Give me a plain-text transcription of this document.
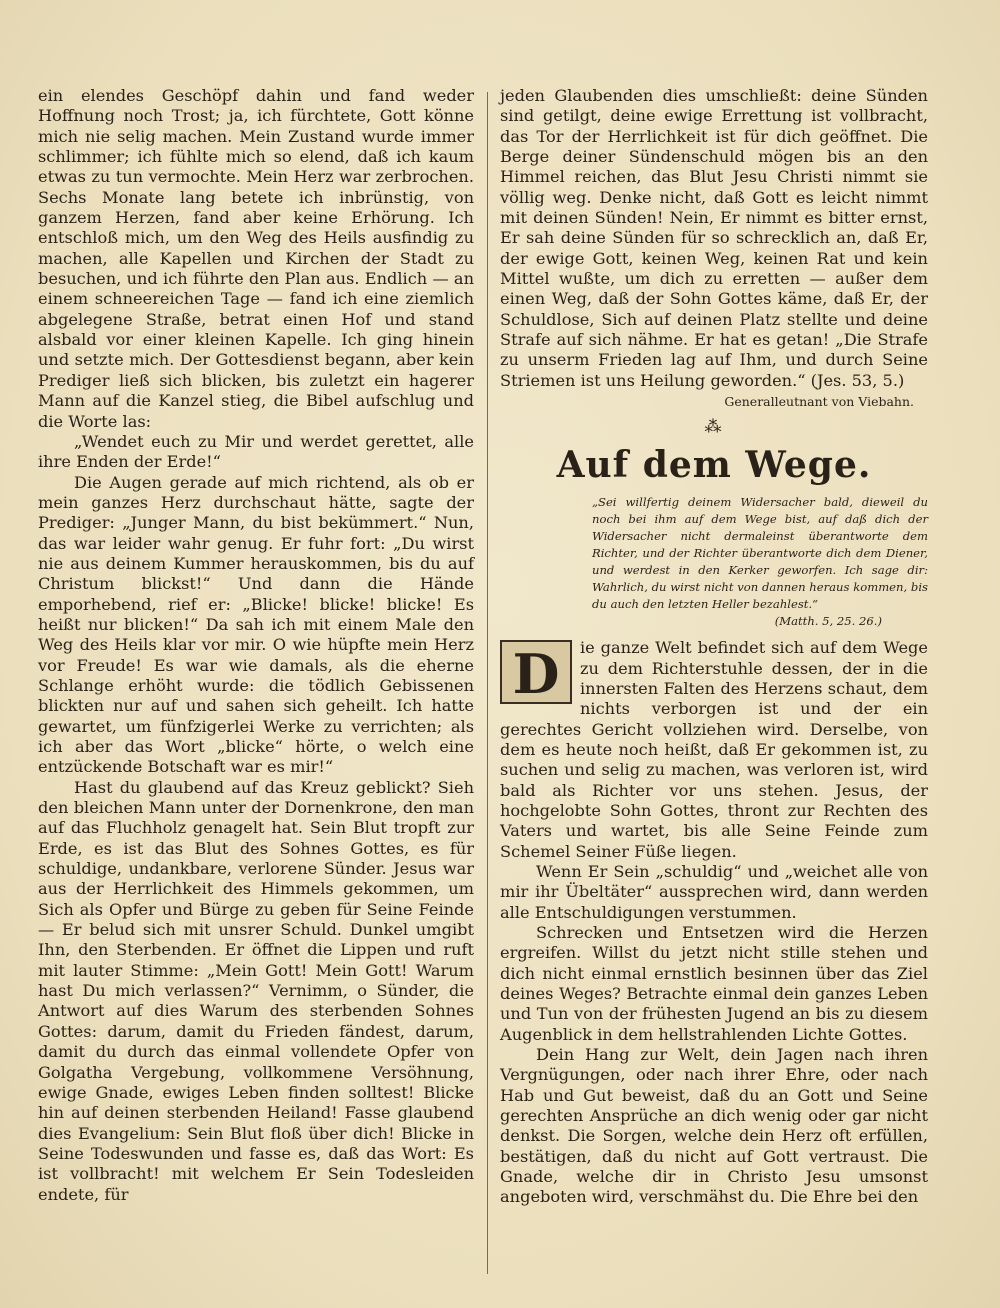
ein elendes Geschöpf dahin und fand weder Hoffnung noch Trost; ja, ich fürchtete, Gott könne mich nie selig machen. Mein Zustand wurde immer schlimmer; ich fühlte mich so elend, daß ich kaum etwas zu tun vermochte. Mein Herz war zerbrochen. Sechs Monate lang betete ich inbrünstig, von ganzem Herzen, fand aber keine Erhörung. Ich entschloß mich, um den Weg des Heils ausfindig zu machen, alle Kapellen und Kirchen der Stadt zu besuchen, und ich führte den Plan aus. Endlich — an einem schneereichen Tage — fand ich eine ziemlich abgelegene Straße, betrat einen Hof und stand alsbald vor einer kleinen Kapelle. Ich ging hinein und setzte mich. Der Gottesdienst begann, aber kein Prediger ließ sich blicken, bis zuletzt ein hagerer Mann auf die Kanzel stieg, die Bibel aufschlug und die Worte las:

„Wendet euch zu Mir und werdet gerettet, alle ihre Enden der Erde!“

Die Augen gerade auf mich richtend, als ob er mein ganzes Herz durchschaut hätte, sagte der Prediger: „Junger Mann, du bist bekümmert.“ Nun, das war leider wahr genug. Er fuhr fort: „Du wirst nie aus deinem Kummer herauskommen, bis du auf Christum blickst!“ Und dann die Hände emporhebend, rief er: „Blicke! blicke! blicke! Es heißt nur blicken!“ Da sah ich mit einem Male den Weg des Heils klar vor mir. O wie hüpfte mein Herz vor Freude! Es war wie damals, als die eherne Schlange erhöht wurde: die tödlich Gebissenen blickten nur auf und sahen sich geheilt. Ich hatte gewartet, um fünfzigerlei Werke zu verrichten; als ich aber das Wort „blicke“ hörte, o welch eine entzückende Botschaft war es mir!“

Hast du glaubend auf das Kreuz geblickt? Sieh den bleichen Mann unter der Dornenkrone, den man auf das Fluchholz genagelt hat. Sein Blut tropft zur Erde, es ist das Blut des Sohnes Gottes, es für schuldige, undankbare, verlorene Sünder. Jesus war aus der Herrlichkeit des Himmels gekommen, um Sich als Opfer und Bürge zu geben für Seine Feinde — Er belud sich mit unsrer Schuld. Dunkel umgibt Ihn, den Sterbenden. Er öffnet die Lippen und ruft mit lauter Stimme: „Mein Gott! Mein Gott! Warum hast Du mich verlassen?“ Vernimm, o Sünder, die Antwort auf dies Warum des sterbenden Sohnes Gottes: darum, damit du Frieden fändest, darum, damit du durch das einmal vollendete Opfer von Golgatha Vergebung, vollkommene Versöhnung, ewige Gnade, ewiges Leben finden solltest! Blicke hin auf deinen sterbenden Heiland! Fasse glaubend dies Evangelium: Sein Blut floß über dich! Blicke in Seine Todeswunden und fasse es, daß das Wort: Es ist vollbracht! mit welchem Er Sein Todesleiden endete, für

jeden Glaubenden dies umschließt: deine Sünden sind getilgt, deine ewige Errettung ist vollbracht, das Tor der Herrlichkeit ist für dich geöffnet. Die Berge deiner Sündenschuld mögen bis an den Himmel reichen, das Blut Jesu Christi nimmt sie völlig weg. Denke nicht, daß Gott es leicht nimmt mit deinen Sünden! Nein, Er nimmt es bitter ernst, Er sah deine Sünden für so schrecklich an, daß Er, der ewige Gott, keinen Weg, keinen Rat und kein Mittel wußte, um dich zu erretten — außer dem einen Weg, daß der Sohn Gottes käme, daß Er, der Schuldlose, Sich auf deinen Platz stellte und deine Strafe auf sich nähme. Er hat es getan! „Die Strafe zu unserm Frieden lag auf Ihm, und durch Seine Striemen ist uns Heilung geworden.“ (Jes. 53, 5.)

Generalleutnant von Viebahn.

⁂
Auf dem Wege.

„Sei willfertig deinem Widersacher bald, dieweil du noch bei ihm auf dem Wege bist, auf daß dich der Widersacher nicht dermaleinst überantworte dem Richter, und der Richter überantworte dich dem Diener, und werdest in den Kerker geworfen. Ich sage dir: Wahrlich, du wirst nicht von dannen heraus kommen, bis du auch den letzten Heller bezahlest.“

(Matth. 5, 25. 26.)

D	ie ganze Welt befindet sich auf dem Wege zu dem Richterstuhle dessen, der in die innersten Falten des Herzens schaut, dem nichts verborgen ist und der ein gerechtes Gericht vollziehen wird. Derselbe, von dem es heute noch heißt, daß Er gekommen ist, zu suchen und selig zu machen, was verloren ist, wird bald als Richter vor uns stehen. Jesus, der hochgelobte Sohn Gottes, thront zur Rechten des Vaters und wartet, bis alle Seine Feinde zum Schemel Seiner Füße liegen.

Wenn Er Sein „schuldig“ und „weichet alle von mir ihr Übeltäter“ aussprechen wird, dann werden alle Entschuldigungen verstummen.

Schrecken und Entsetzen wird die Herzen ergreifen. Willst du jetzt nicht stille stehen und dich nicht einmal ernstlich besinnen über das Ziel deines Weges? Betrachte einmal dein ganzes Leben und Tun von der frühesten Jugend an bis zu diesem Augenblick in dem hellstrahlenden Lichte Gottes.

Dein Hang zur Welt, dein Jagen nach ihren Vergnügungen, oder nach ihrer Ehre, oder nach Hab und Gut beweist, daß du an Gott und Seine gerechten Ansprüche an dich wenig oder gar nicht denkst. Die Sorgen, welche dein Herz oft erfüllen, bestätigen, daß du nicht auf Gott vertraust. Die Gnade, welche dir in Christo Jesu umsonst angeboten wird, verschmähst du. Die Ehre bei den
